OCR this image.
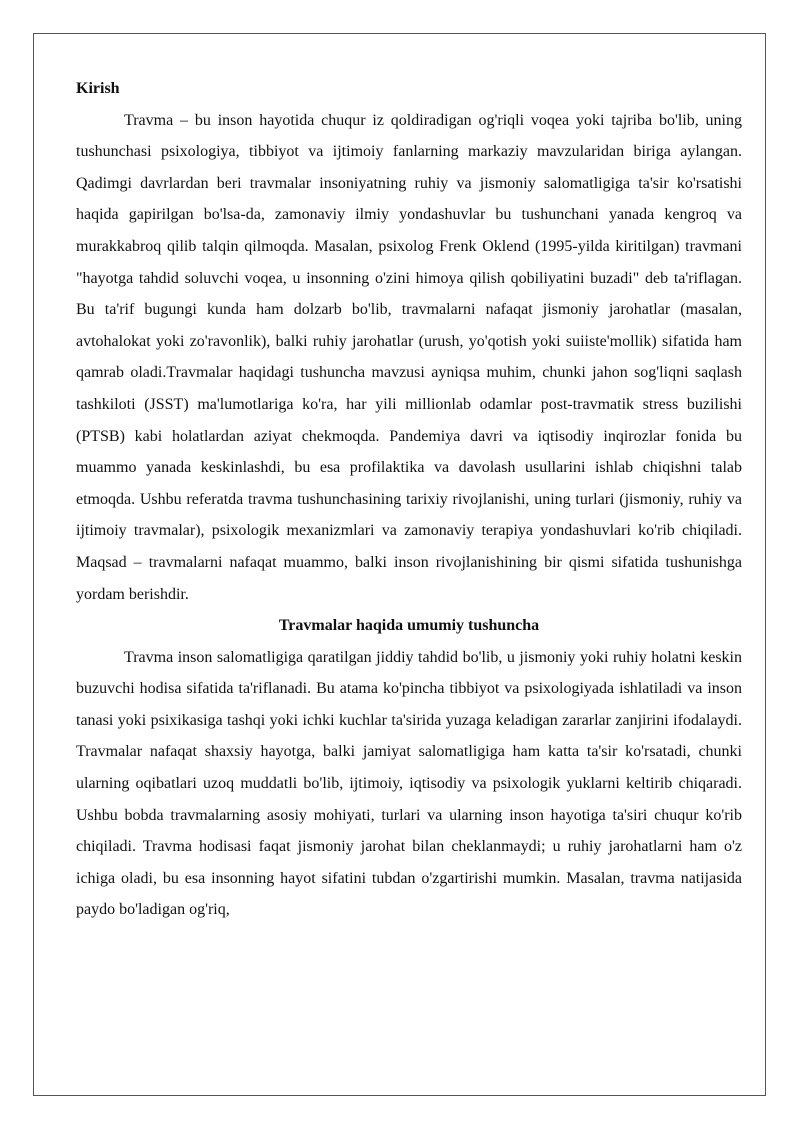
Kirish

Travma – bu inson hayotida chuqur iz qoldiradigan og'riqli voqea yoki tajriba bo'lib, uning tushunchasi psixologiya, tibbiyot va ijtimoiy fanlarning markaziy mavzularidan biriga aylangan. Qadimgi davrlardan beri travmalar insoniyatning ruhiy va jismoniy salomatligiga ta'sir ko'rsatishi haqida gapirilgan bo'lsa-da, zamonaviy ilmiy yondashuvlar bu tushunchani yanada kengroq va murakkabroq qilib talqin qilmoqda. Masalan, psixolog Frenk Oklend (1995-yilda kiritilgan) travmani "hayotga tahdid soluvchi voqea, u insonning o'zini himoya qilish qobiliyatini buzadi" deb ta'riflagan. Bu ta'rif bugungi kunda ham dolzarb bo'lib, travmalarni nafaqat jismoniy jarohatlar (masalan, avtohalokat yoki zo'ravonlik), balki ruhiy jarohatlar (urush, yo'qotish yoki suiiste'mollik) sifatida ham qamrab oladi.Travmalar haqidagi tushuncha mavzusi ayniqsa muhim, chunki jahon sog'liqni saqlash tashkiloti (JSST) ma'lumotlariga ko'ra, har yili millionlab odamlar post-travmatik stress buzilishi (PTSB) kabi holatlardan aziyat chekmoqda. Pandemiya davri va iqtisodiy inqirozlar fonida bu muammo yanada keskinlashdi, bu esa profilaktika va davolash usullarini ishlab chiqishni talab etmoqda. Ushbu referatda travma tushunchasining tarixiy rivojlanishi, uning turlari (jismoniy, ruhiy va ijtimoiy travmalar), psixologik mexanizmlari va zamonaviy terapiya yondashuvlari ko'rib chiqiladi. Maqsad – travmalarni nafaqat muammo, balki inson rivojlanishining bir qismi sifatida tushunishga yordam berishdir.

Travmalar haqida umumiy tushuncha

Travma inson salomatligiga qaratilgan jiddiy tahdid bo'lib, u jismoniy yoki ruhiy holatni keskin buzuvchi hodisa sifatida ta'riflanadi. Bu atama ko'pincha tibbiyot va psixologiyada ishlatiladi va inson tanasi yoki psixikasiga tashqi yoki ichki kuchlar ta'sirida yuzaga keladigan zararlar zanjirini ifodalaydi. Travmalar nafaqat shaxsiy hayotga, balki jamiyat salomatligiga ham katta ta'sir ko'rsatadi, chunki ularning oqibatlari uzoq muddatli bo'lib, ijtimoiy, iqtisodiy va psixologik yuklarni keltirib chiqaradi. Ushbu bobda travmalarning asosiy mohiyati, turlari va ularning inson hayotiga ta'siri chuqur ko'rib chiqiladi. Travma hodisasi faqat jismoniy jarohat bilan cheklanmaydi; u ruhiy jarohatlarni ham o'z ichiga oladi, bu esa insonning hayot sifatini tubdan o'zgartirishi mumkin. Masalan, travma natijasida paydo bo'ladigan og'riq,
